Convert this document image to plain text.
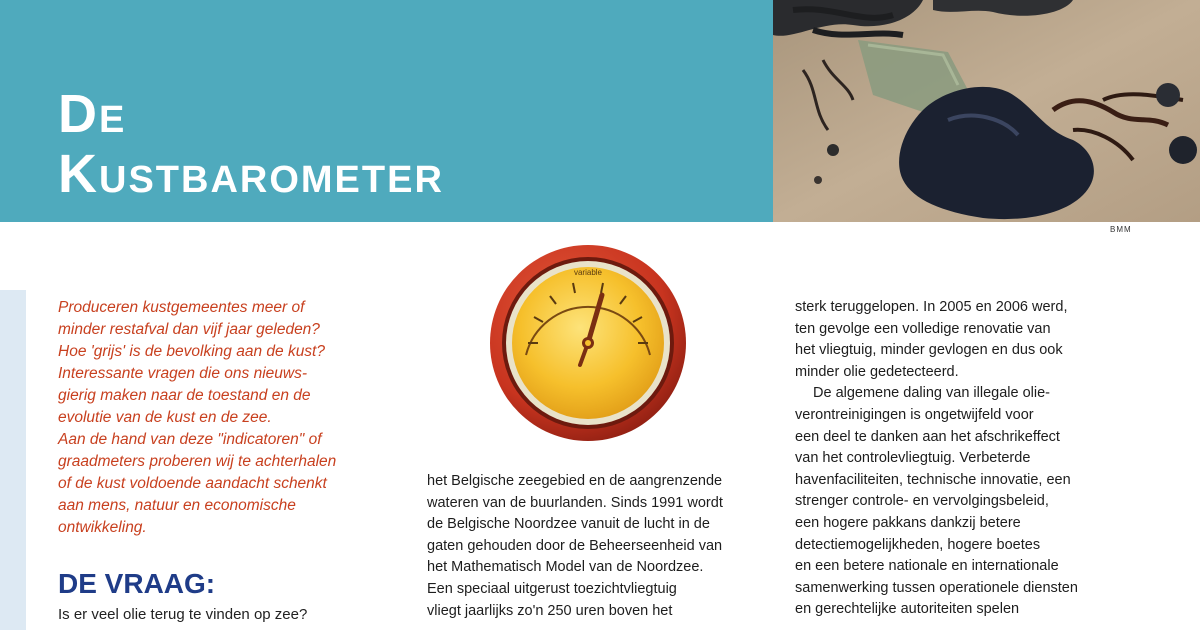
De
Kustbarometer
BMM

Produceren kustgemeentes meer of

minder restafval dan vijf jaar geleden?

Hoe 'grijs' is de bevolking aan de kust?

Interessante vragen die ons nieuws-

gierig maken naar de toestand en de

evolutie van de kust en de zee.

Aan de hand van deze "indicatoren" of

graadmeters proberen wij te achterhalen

of de kust voldoende aandacht schenkt

aan mens, natuur en economische

ontwikkeling.

DE VRAAG:
Is er veel olie terug te vinden op zee?
variable

het Belgische zeegebied en de aangrenzende

wateren van de buurlanden. Sinds 1991 wordt

de Belgische Noordzee vanuit de lucht in de

gaten gehouden door de Beheerseenheid van

het Mathematisch Model van de Noordzee.

Een speciaal uitgerust toezichtvliegtuig

vliegt jaarlijks zo'n 250 uren boven het

sterk teruggelopen. In 2005 en 2006 werd,

ten gevolge een volledige renovatie van

het vliegtuig, minder gevlogen en dus ook

minder olie gedetecteerd.

De algemene daling van illegale olie-

verontreinigingen is ongetwijfeld voor

een deel te danken aan het afschrikeffect

van het controlevliegtuig. Verbeterde

havenfaciliteiten, technische innovatie, een

strenger controle- en vervolgingsbeleid,

een hogere pakkans dankzij betere

detectiemogelijkheden, hogere boetes

en een betere nationale en internationale

samenwerking tussen operationele diensten

en gerechtelijke autoriteiten spelen
